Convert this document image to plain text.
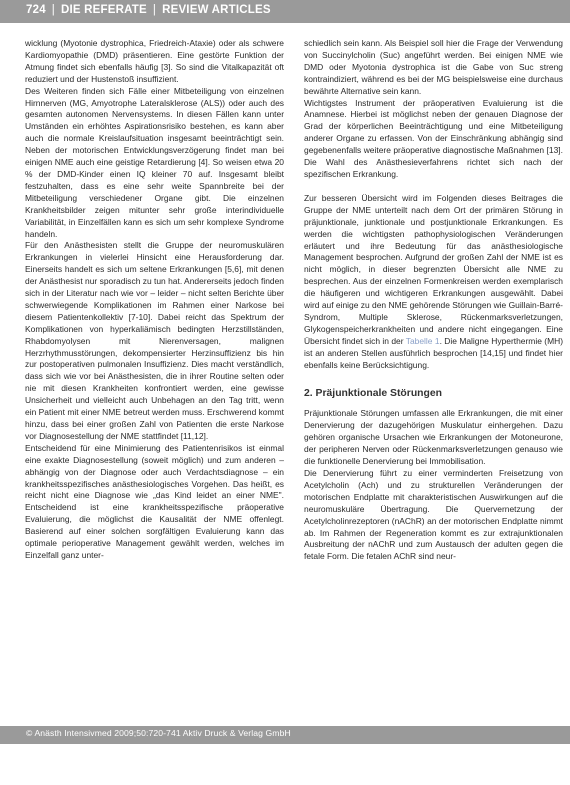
724 | DIE REFERATE | REVIEW ARTICLES

wicklung (Myotonie dystrophica, Friedreich-Ataxie) oder als schwere Kardiomyopathie (DMD) präsentieren. Eine gestörte Funktion der Atmung findet sich ebenfalls häufig [3]. So sind die Vitalkapazität oft reduziert und der Hustenstoß insuffizient.

Des Weiteren finden sich Fälle einer Mitbeteiligung von einzelnen Hirnnerven (MG, Amyotrophe Lateralsklerose (ALS)) oder auch des gesamten autonomen Nervensystems. In diesen Fällen kann unter Umständen ein erhöhtes Aspirationsrisiko bestehen, es kann aber auch die normale Kreislaufsituation insgesamt beeinträchtigt sein. Neben der motorischen Entwicklungsverzögerung findet man bei einigen NME auch eine geistige Retardierung [4]. So weisen etwa 20 % der DMD-Kinder einen IQ kleiner 70 auf. Insgesamt bleibt festzuhalten, dass es eine sehr weite Spannbreite bei der Mitbeteiligung verschiedener Organe gibt. Die einzelnen Krankheitsbilder zeigen mitunter sehr große interindividuelle Variabilität, in Einzelfällen kann es sich um sehr komplexe Syndrome handeln.

Für den Anästhesisten stellt die Gruppe der neuromuskulären Erkrankungen in vielerlei Hinsicht eine Herausforderung dar. Einerseits handelt es sich um seltene Erkrankungen [5,6], mit denen der Anästhesist nur sporadisch zu tun hat. Andererseits jedoch finden sich in der Literatur nach wie vor – leider – nicht selten Berichte über schwerwiegende Komplikationen im Rahmen einer Narkose bei diesem Patientenkollektiv [7-10]. Dabei reicht das Spektrum der Komplikationen von hyperkaliämisch bedingten Herzstillständen, Rhabdomyolysen mit Nierenversagen, malignen Herzrhythmusstörungen, dekompensierter Herzinsuffizienz bis hin zur postoperativen pulmonalen Insuffizienz. Dies macht verständlich, dass sich wie vor bei Anästhesisten, die in ihrer Routine selten oder nie mit diesen Krankheiten konfrontiert werden, eine gewisse Unsicherheit und vielleicht auch Unbehagen an den Tag tritt, wenn ein Patient mit einer NME betreut werden muss. Erschwerend kommt hinzu, dass bei einer großen Zahl von Patienten die erste Narkose vor Diagnosestellung der NME stattfindet [11,12].

Entscheidend für eine Minimierung des Patientenrisikos ist einmal eine exakte Diagnosestellung (soweit möglich) und zum anderen – abhängig von der Diagnose oder auch Verdachtsdiagnose – ein krankheitsspezifisches anästhesiologisches Vorgehen. Das heißt, es reicht nicht eine Diagnose wie „das Kind leidet an einer NME". Entscheidend ist eine krankheitsspezifische präoperative Evaluierung, die möglichst die Kausalität der NME offenlegt. Basierend auf einer solchen sorgfältigen Evaluierung kann das optimale perioperative Management gewählt werden, welches im Einzelfall ganz unter-

schiedlich sein kann. Als Beispiel soll hier die Frage der Verwendung von Succinylcholin (Suc) angeführt werden. Bei einigen NME wie DMD oder Myotonia dystrophica ist die Gabe von Suc streng kontraindiziert, während es bei der MG beispielsweise eine durchaus bewährte Alternative sein kann.

Wichtigstes Instrument der präoperativen Evaluierung ist die Anamnese. Hierbei ist möglichst neben der genauen Diagnose der Grad der körperlichen Beeinträchtigung und eine Mitbeteiligung anderer Organe zu erfassen. Von der Einschränkung abhängig sind gegebenenfalls weitere präoperative diagnostische Maßnahmen [13]. Die Wahl des Anästhesieverfahrens richtet sich nach der spezifischen Erkrankung.

Zur besseren Übersicht wird im Folgenden dieses Beitrages die Gruppe der NME unterteilt nach dem Ort der primären Störung in präjunktionale, junktionale und postjunktionale Erkrankungen. Es werden die wichtigsten pathophysiologischen Veränderungen erläutert und ihre Bedeutung für das anästhesiologische Management besprochen. Aufgrund der großen Zahl der NME ist es nicht möglich, in dieser begrenzten Übersicht alle NME zu besprechen. Aus der einzelnen Formenkreisen werden exemplarisch die häufigeren und wichtigeren Erkrankungen ausgewählt. Dabei wird auf einige zu den NME gehörende Störungen wie Guillain-Barré-Syndrom, Multiple Sklerose, Rückenmarksverletzungen, Glykogenspeicherkrankheiten und andere nicht eingegangen. Eine Übersicht findet sich in der Tabelle 1. Die Maligne Hyperthermie (MH) ist an anderen Stellen ausführlich besprochen [14,15] und findet hier ebenfalls keine Berücksichtigung.

2. Präjunktionale Störungen

Präjunktionale Störungen umfassen alle Erkrankungen, die mit einer Denervierung der dazugehörigen Muskulatur einhergehen. Dazu gehören organische Ursachen wie Erkrankungen der Motoneurone, der peripheren Nerven oder Rückenmarksverletzungen genauso wie die funktionelle Denervierung bei Immobilisation.

Die Denervierung führt zu einer verminderten Freisetzung von Acetylcholin (Ach) und zu strukturellen Veränderungen der motorischen Endplatte mit charakteristischen Auswirkungen auf die neuromuskuläre Übertragung. Die Quervernetzung der Acetylcholinrezeptoren (nAChR) an der motorischen Endplatte nimmt ab. Im Rahmen der Regeneration kommt es zur extrajunktionalen Ausbreitung der nAChR und zum Austausch der adulten gegen die fetale Form. Die fetalen AChR sind neur-

© Anästh Intensivmed 2009;50:720-741 Aktiv Druck & Verlag GmbH
